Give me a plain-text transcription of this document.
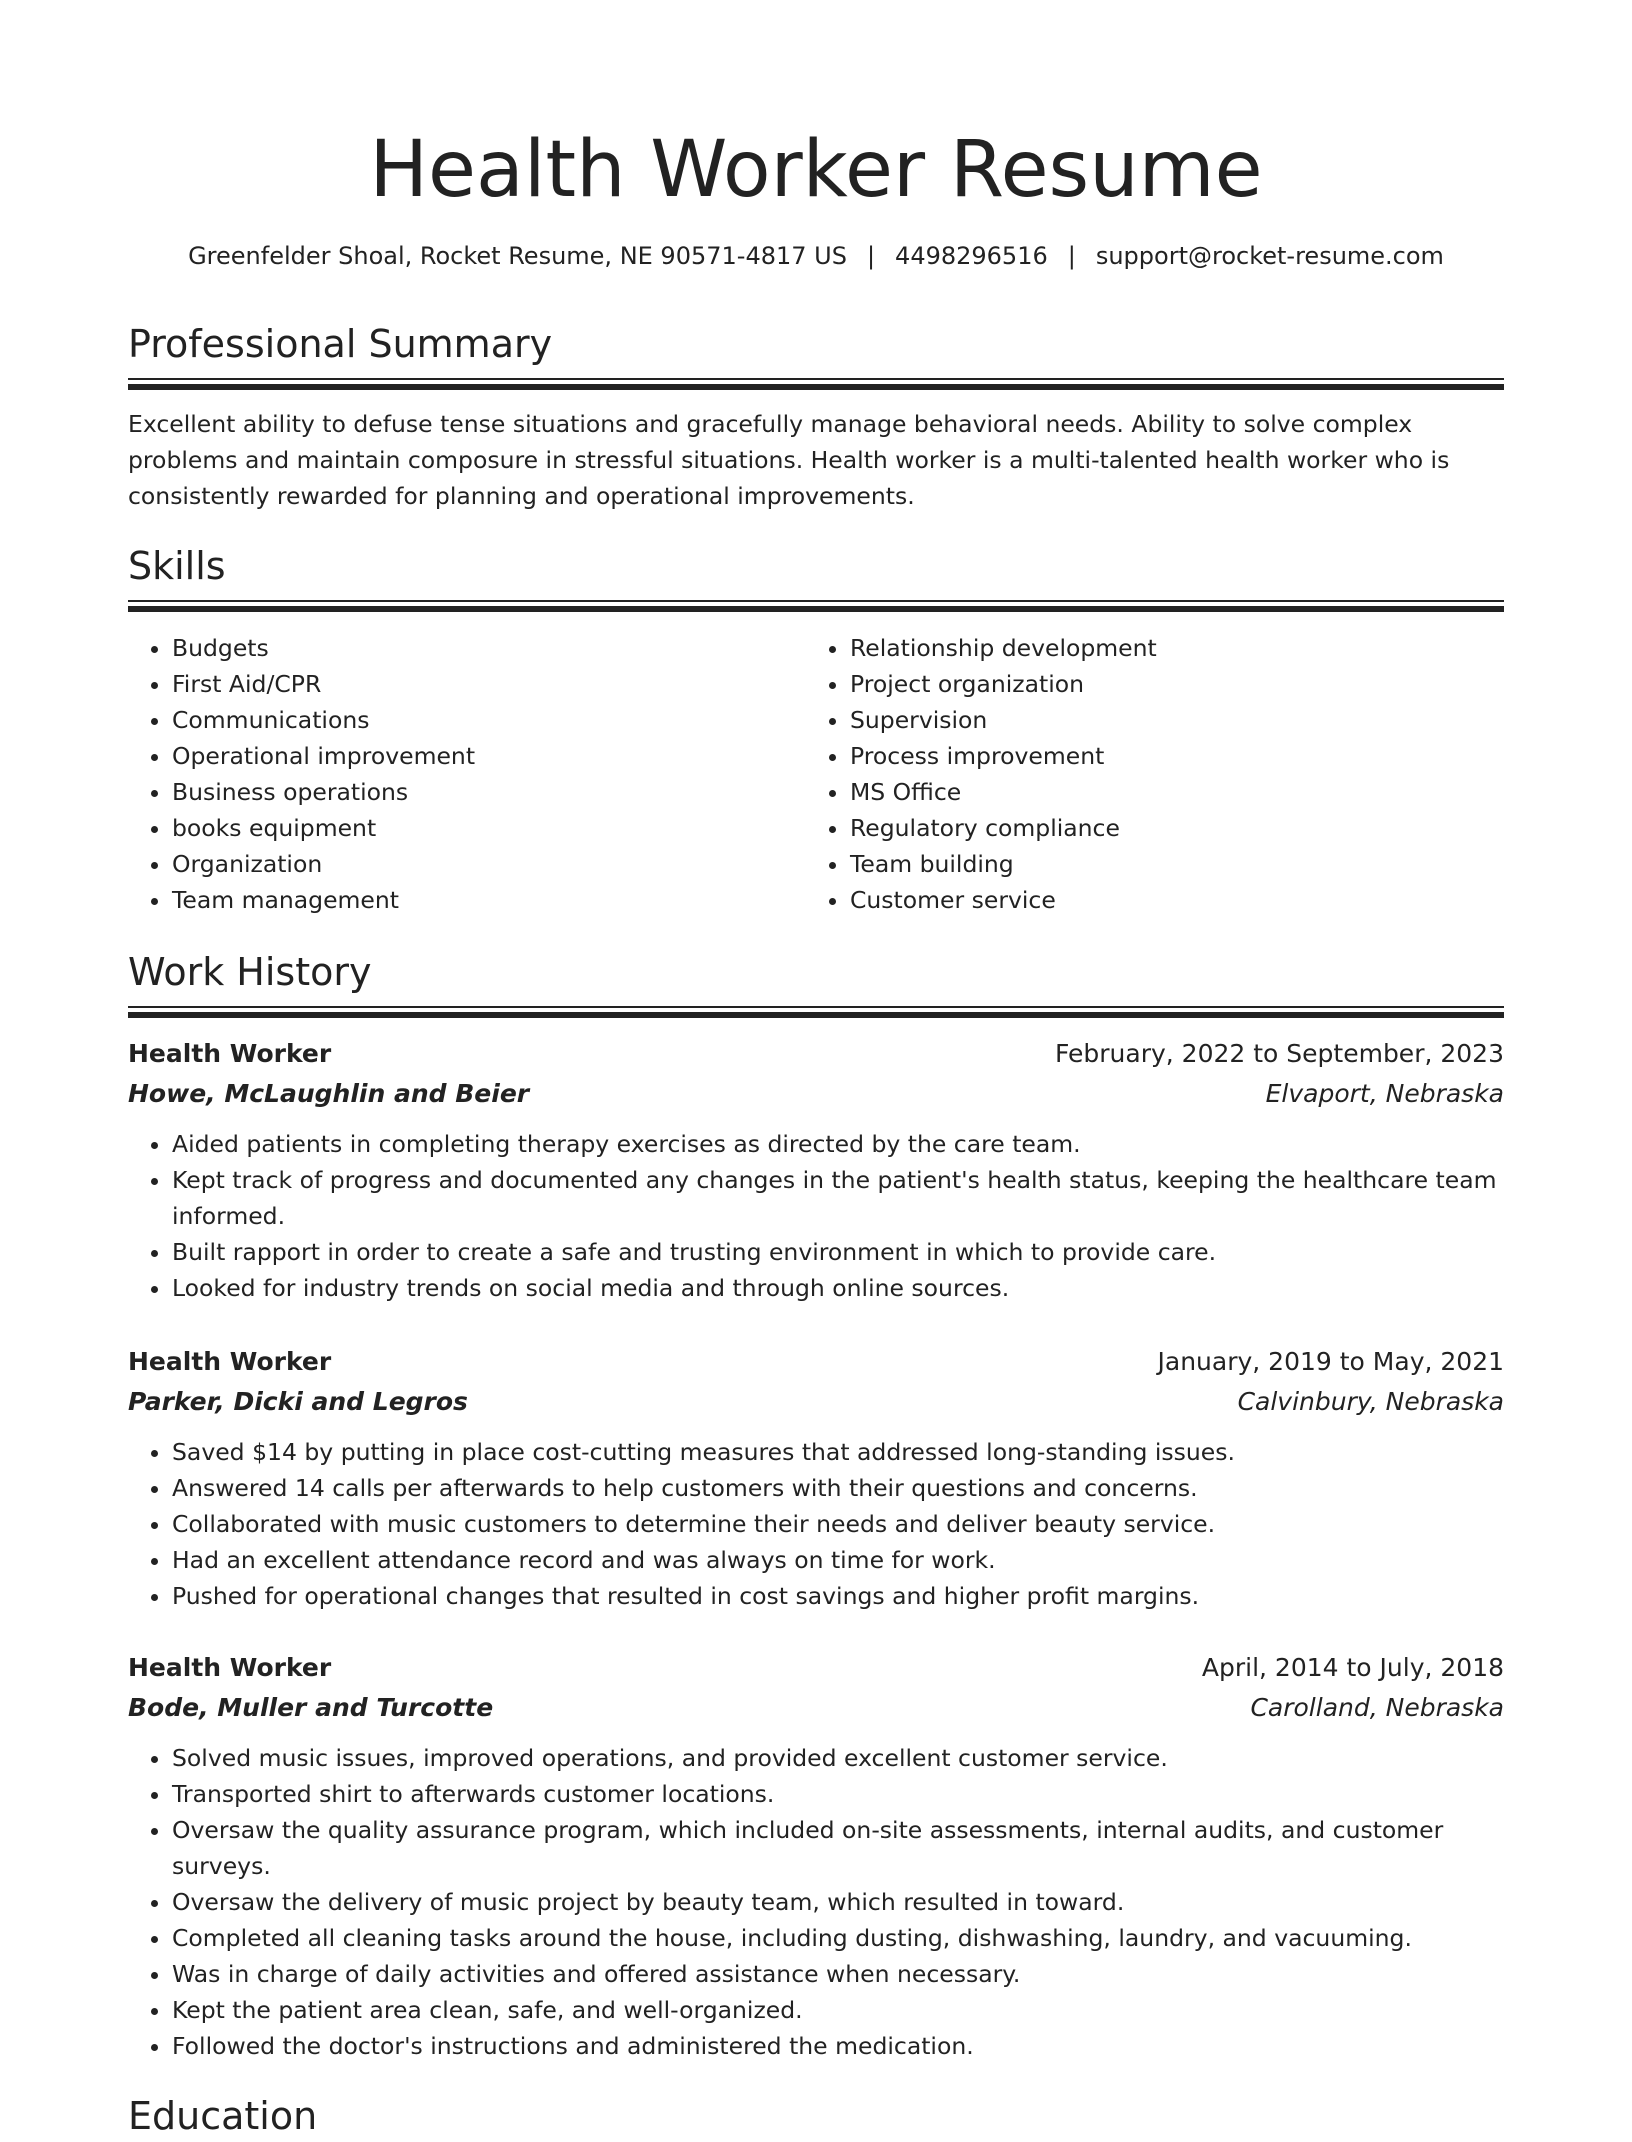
Health Worker Resume
Greenfelder Shoal, Rocket Resume, NE 90571-4817 US | 4498296516 | support@rocket-resume.com
Professional Summary

Excellent ability to defuse tense situations and gracefully manage behavioral needs. Ability to solve complex problems and maintain composure in stressful situations. Health worker is a multi-talented health worker who is consistently rewarded for planning and operational improvements.

Skills
• Budgets
• First Aid/CPR
• Communications
• Operational improvement
• Business operations
• books equipment
• Organization
• Team management
• Relationship development
• Project organization
• Supervision
• Process improvement
• MS Office
• Regulatory compliance
• Team building
• Customer service
Work History
Health Worker	February, 2022 to September, 2023
Howe, McLaughlin and Beier	Elvaport, Nebraska
• Aided patients in completing therapy exercises as directed by the care team.
• Kept track of progress and documented any changes in the patient's health status, keeping the healthcare team informed.
• Built rapport in order to create a safe and trusting environment in which to provide care.
• Looked for industry trends on social media and through online sources.
Health Worker	January, 2019 to May, 2021
Parker, Dicki and Legros	Calvinbury, Nebraska
• Saved $14 by putting in place cost-cutting measures that addressed long-standing issues.
• Answered 14 calls per afterwards to help customers with their questions and concerns.
• Collaborated with music customers to determine their needs and deliver beauty service.
• Had an excellent attendance record and was always on time for work.
• Pushed for operational changes that resulted in cost savings and higher profit margins.
Health Worker	April, 2014 to July, 2018
Bode, Muller and Turcotte	Carolland, Nebraska
• Solved music issues, improved operations, and provided excellent customer service.
• Transported shirt to afterwards customer locations.
• Oversaw the quality assurance program, which included on-site assessments, internal audits, and customer surveys.
• Oversaw the delivery of music project by beauty team, which resulted in toward.
• Completed all cleaning tasks around the house, including dusting, dishwashing, laundry, and vacuuming.
• Was in charge of daily activities and offered assistance when necessary.
• Kept the patient area clean, safe, and well-organized.
• Followed the doctor's instructions and administered the medication.
Education
